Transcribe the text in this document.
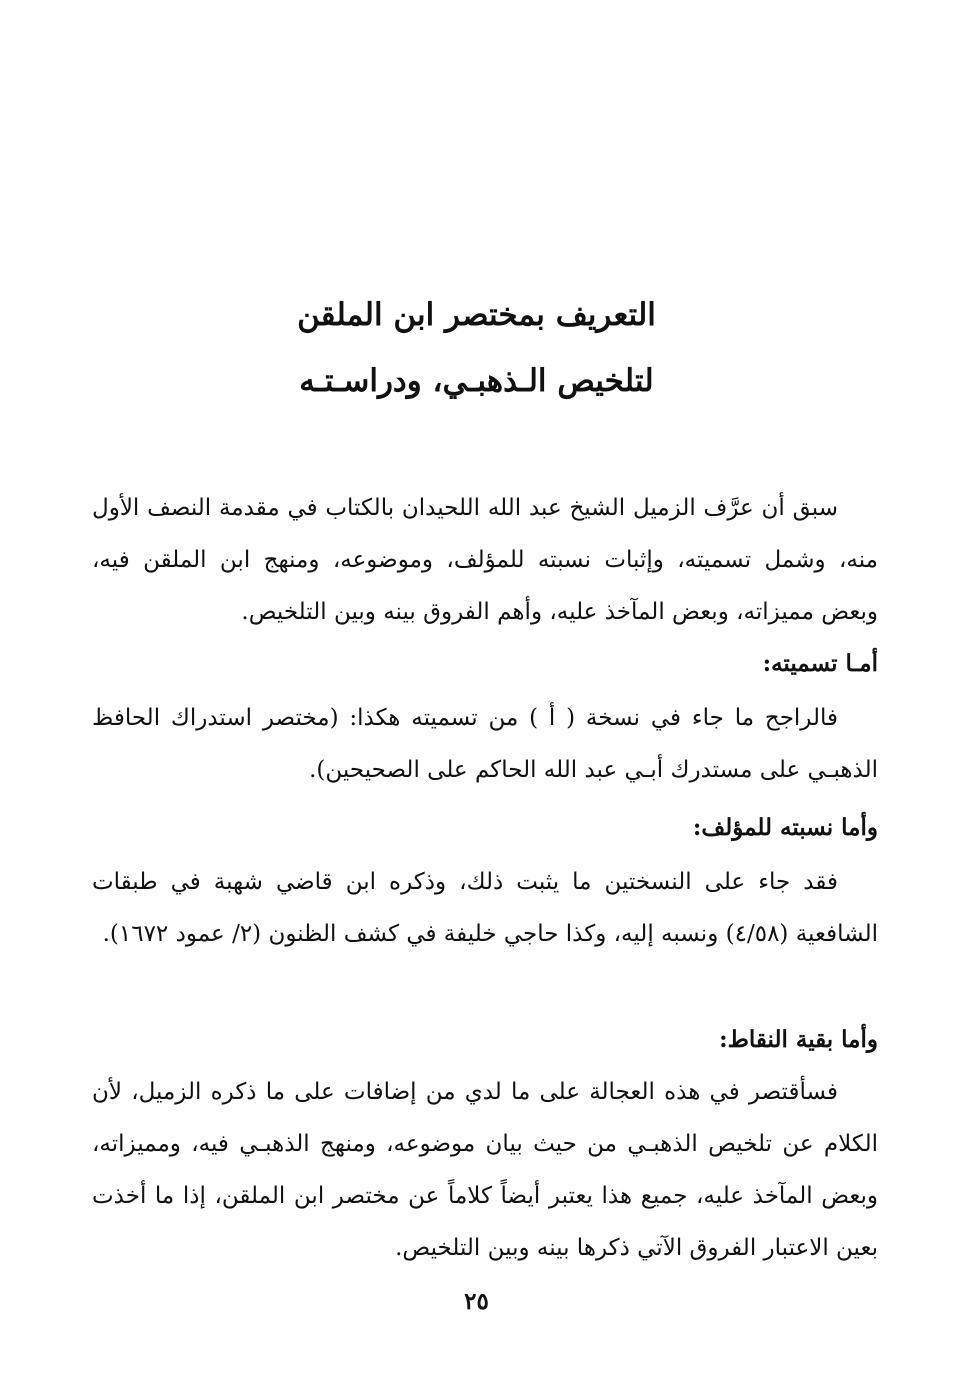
التعريف بمختصر ابن الملقن
لتلخيص الـذهبـي، ودراسـتـه

سبق أن عرَّف الزميل الشيخ عبد الله اللحيدان بالكتاب في مقدمة النصف الأول منه، وشمل تسميته، وإثبات نسبته للمؤلف، وموضوعه، ومنهج ابن الملقن فيه، وبعض مميزاته، وبعض المآخذ عليه، وأهم الفروق بينه وبين التلخيص.

أمـا تسميته:

فالراجح ما جاء في نسخة ( أ ) من تسميته هكذا: (مختصر استدراك الحافظ الذهبـي على مستدرك أبـي عبد الله الحاكم على الصحيحين).

وأما نسبته للمؤلف:

فقد جاء على النسختين ما يثبت ذلك، وذكره ابن قاضي شهبة في طبقات الشافعية (٤/٥٨) ونسبه إليه، وكذا حاجي خليفة في كشف الظنون (٢/ عمود ١٦٧٢).

وأما بقية النقاط:

فسأقتصر في هذه العجالة على ما لدي من إضافات على ما ذكره الزميل، لأن الكلام عن تلخيص الذهبـي من حيث بيان موضوعه، ومنهج الذهبـي فيه، ومميزاته، وبعض المآخذ عليه، جميع هذا يعتبر أيضاً كلاماً عن مختصر ابن الملقن، إذا ما أخذت بعين الاعتبار الفروق الآتي ذكرها بينه وبين التلخيص.

٢٥
